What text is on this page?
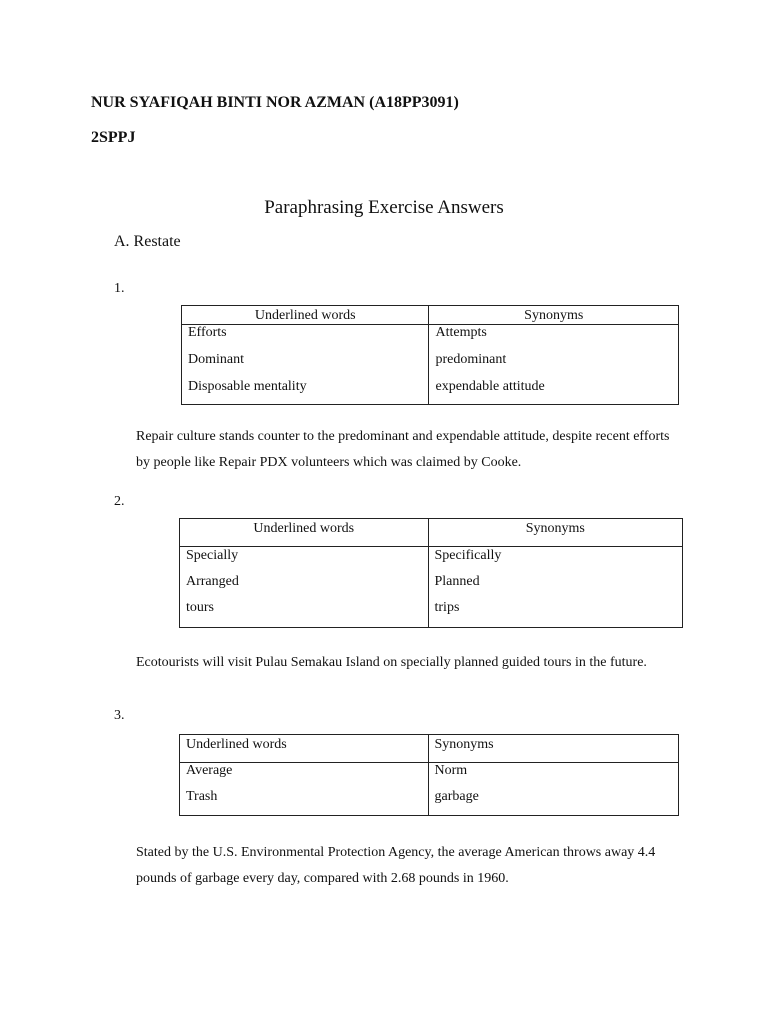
NUR SYAFIQAH BINTI NOR AZMAN (A18PP3091)
2SPPJ
Paraphrasing Exercise Answers
A. Restate
1.
Underlined words	Synonyms
Efforts	Attempts
Dominant	predominant
Disposable mentality	expendable attitude
Repair culture stands counter to the predominant and expendable attitude, despite recent efforts by people like Repair PDX volunteers which was claimed by Cooke.
2.
Underlined words	Synonyms
Specially	Specifically
Arranged	Planned
tours	trips
Ecotourists will visit Pulau Semakau Island on specially planned guided tours in the future.
3.
Underlined words	Synonyms
Average	Norm
Trash	garbage
Stated by the U.S. Environmental Protection Agency, the average American throws away 4.4 pounds of garbage every day, compared with 2.68 pounds in 1960.
